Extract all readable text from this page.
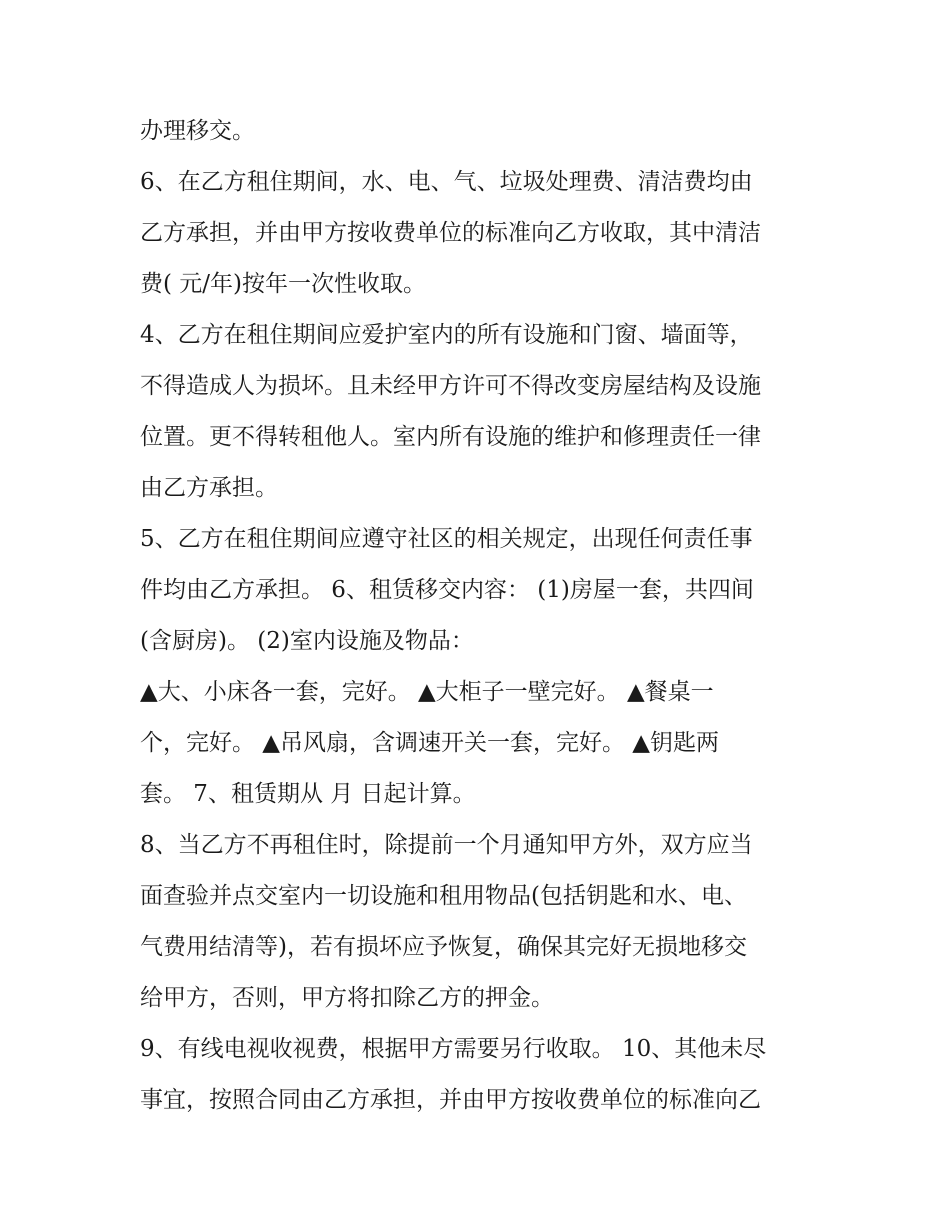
办理移交。
6、在乙方租住期间，水、电、气、垃圾处理费、清洁费均由
乙方承担，并由甲方按收费单位的标准向乙方收取，其中清洁
费( 元/年)按年一次性收取。
4、乙方在租住期间应爱护室内的所有设施和门窗、墙面等，
不得造成人为损坏。且未经甲方许可不得改变房屋结构及设施
位置。更不得转租他人。室内所有设施的维护和修理责任一律
由乙方承担。
5、乙方在租住期间应遵守社区的相关规定，出现任何责任事
件均由乙方承担。 6、租赁移交内容： (1)房屋一套，共四间
(含厨房)。 (2)室内设施及物品：
▲大、小床各一套，完好。 ▲大柜子一壁完好。 ▲餐桌一
个，完好。 ▲吊风扇，含调速开关一套，完好。 ▲钥匙两
套。 7、租赁期从 月 日起计算。
8、当乙方不再租住时，除提前一个月通知甲方外，双方应当
面查验并点交室内一切设施和租用物品(包括钥匙和水、电、
气费用结清等)，若有损坏应予恢复，确保其完好无损地移交
给甲方，否则，甲方将扣除乙方的押金。
9、有线电视收视费，根据甲方需要另行收取。 10、其他未尽
事宜，按照合同由乙方承担，并由甲方按收费单位的标准向乙
